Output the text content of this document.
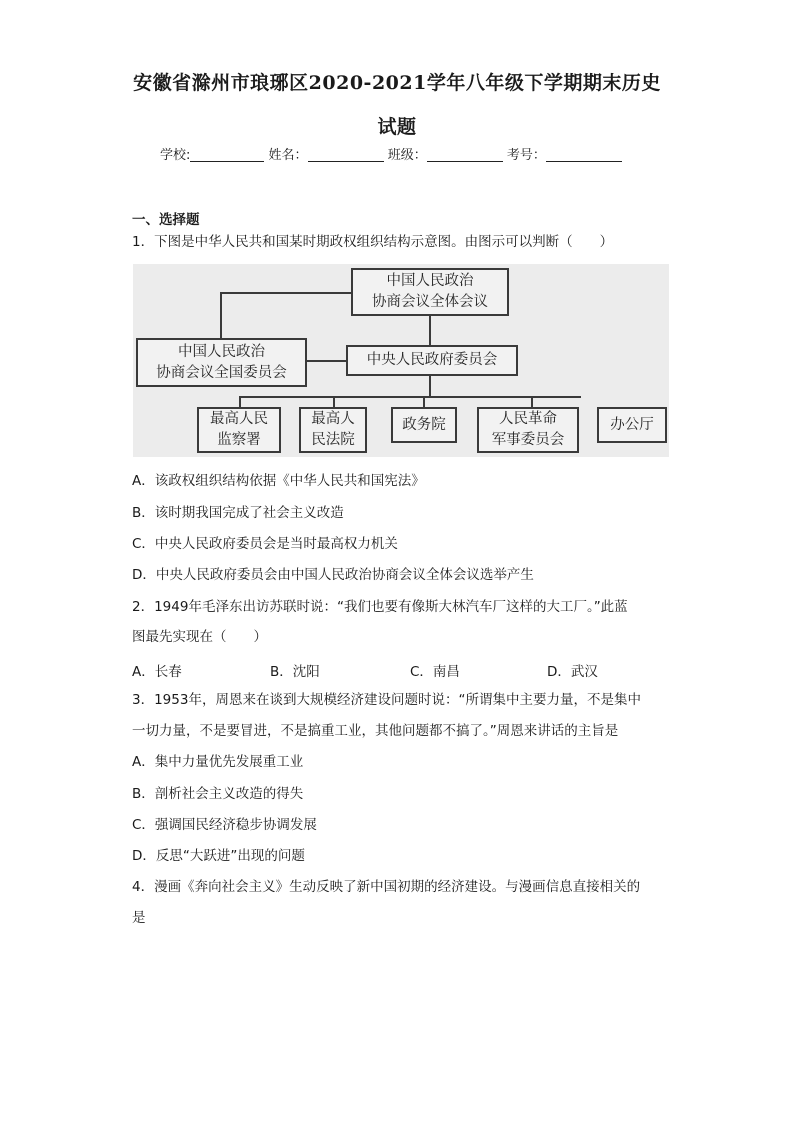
安徽省滁州市琅琊区2020-2021学年八年级下学期期末历史
试题
学校:	姓名：	班级：	考号：
一、选择题
1．下图是中华人民共和国某时期政权组织结构示意图。由图示可以判断（　　）
中国人民政治
协商会议全体会议
中国人民政治
协商会议全国委员会
中央人民政府委员会
最高人民
监察署
最高人
民法院
政务院	人民革命
军事委员会
办公厅
A．该政权组织结构依据《中华人民共和国宪法》
B．该时期我国完成了社会主义改造
C．中央人民政府委员会是当时最高权力机关
D．中央人民政府委员会由中国人民政治协商会议全体会议选举产生
2．1949年毛泽东出访苏联时说：“我们也要有像斯大林汽车厂这样的大工厂。”此蓝
图最先实现在（　　）
A．长春	B．沈阳	C．南昌	D．武汉
3．1953年，周恩来在谈到大规模经济建设问题时说：“所谓集中主要力量，不是集中
一切力量，不是要冒进，不是搞重工业，其他问题都不搞了。”周恩来讲话的主旨是
A．集中力量优先发展重工业
B．剖析社会主义改造的得失
C．强调国民经济稳步协调发展
D．反思“大跃进”出现的问题
4．漫画《奔向社会主义》生动反映了新中国初期的经济建设。与漫画信息直接相关的
是
